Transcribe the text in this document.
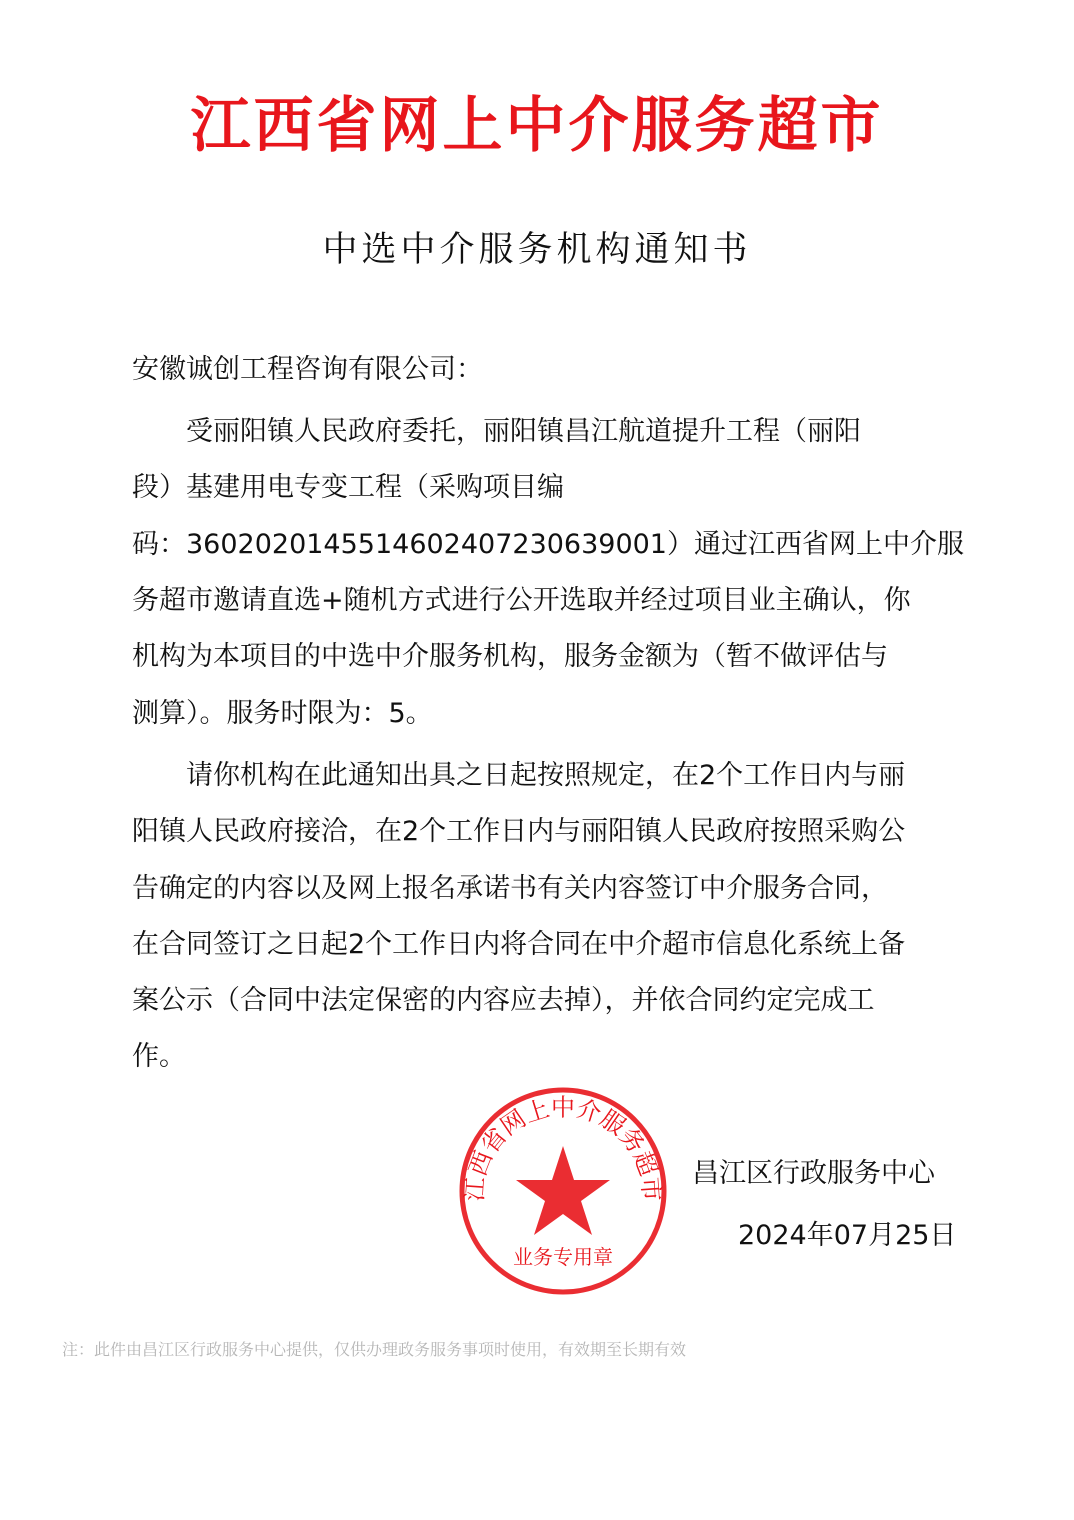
江西省网上中介服务超市
中选中介服务机构通知书
安徽诚创工程咨询有限公司：
　　受丽阳镇人民政府委托，丽阳镇昌江航道提升工程（丽阳
段）基建用电专变工程（采购项目编
码：3602020145514602407230639001）通过江西省网上中介服
务超市邀请直选+随机方式进行公开选取并经过项目业主确认，你
机构为本项目的中选中介服务机构，服务金额为（暂不做评估与
测算）。服务时限为：5。
　　请你机构在此通知出具之日起按照规定，在2个工作日内与丽
阳镇人民政府接洽，在2个工作日内与丽阳镇人民政府按照采购公
告确定的内容以及网上报名承诺书有关内容签订中介服务合同，
在合同签订之日起2个工作日内将合同在中介超市信息化系统上备
案公示（合同中法定保密的内容应去掉），并依合同约定完成工
作。
江西省网上中介服务超市
业务专用章
昌江区行政服务中心
2024年07月25日
注：此件由昌江区行政服务中心提供，仅供办理政务服务事项时使用，有效期至长期有效
